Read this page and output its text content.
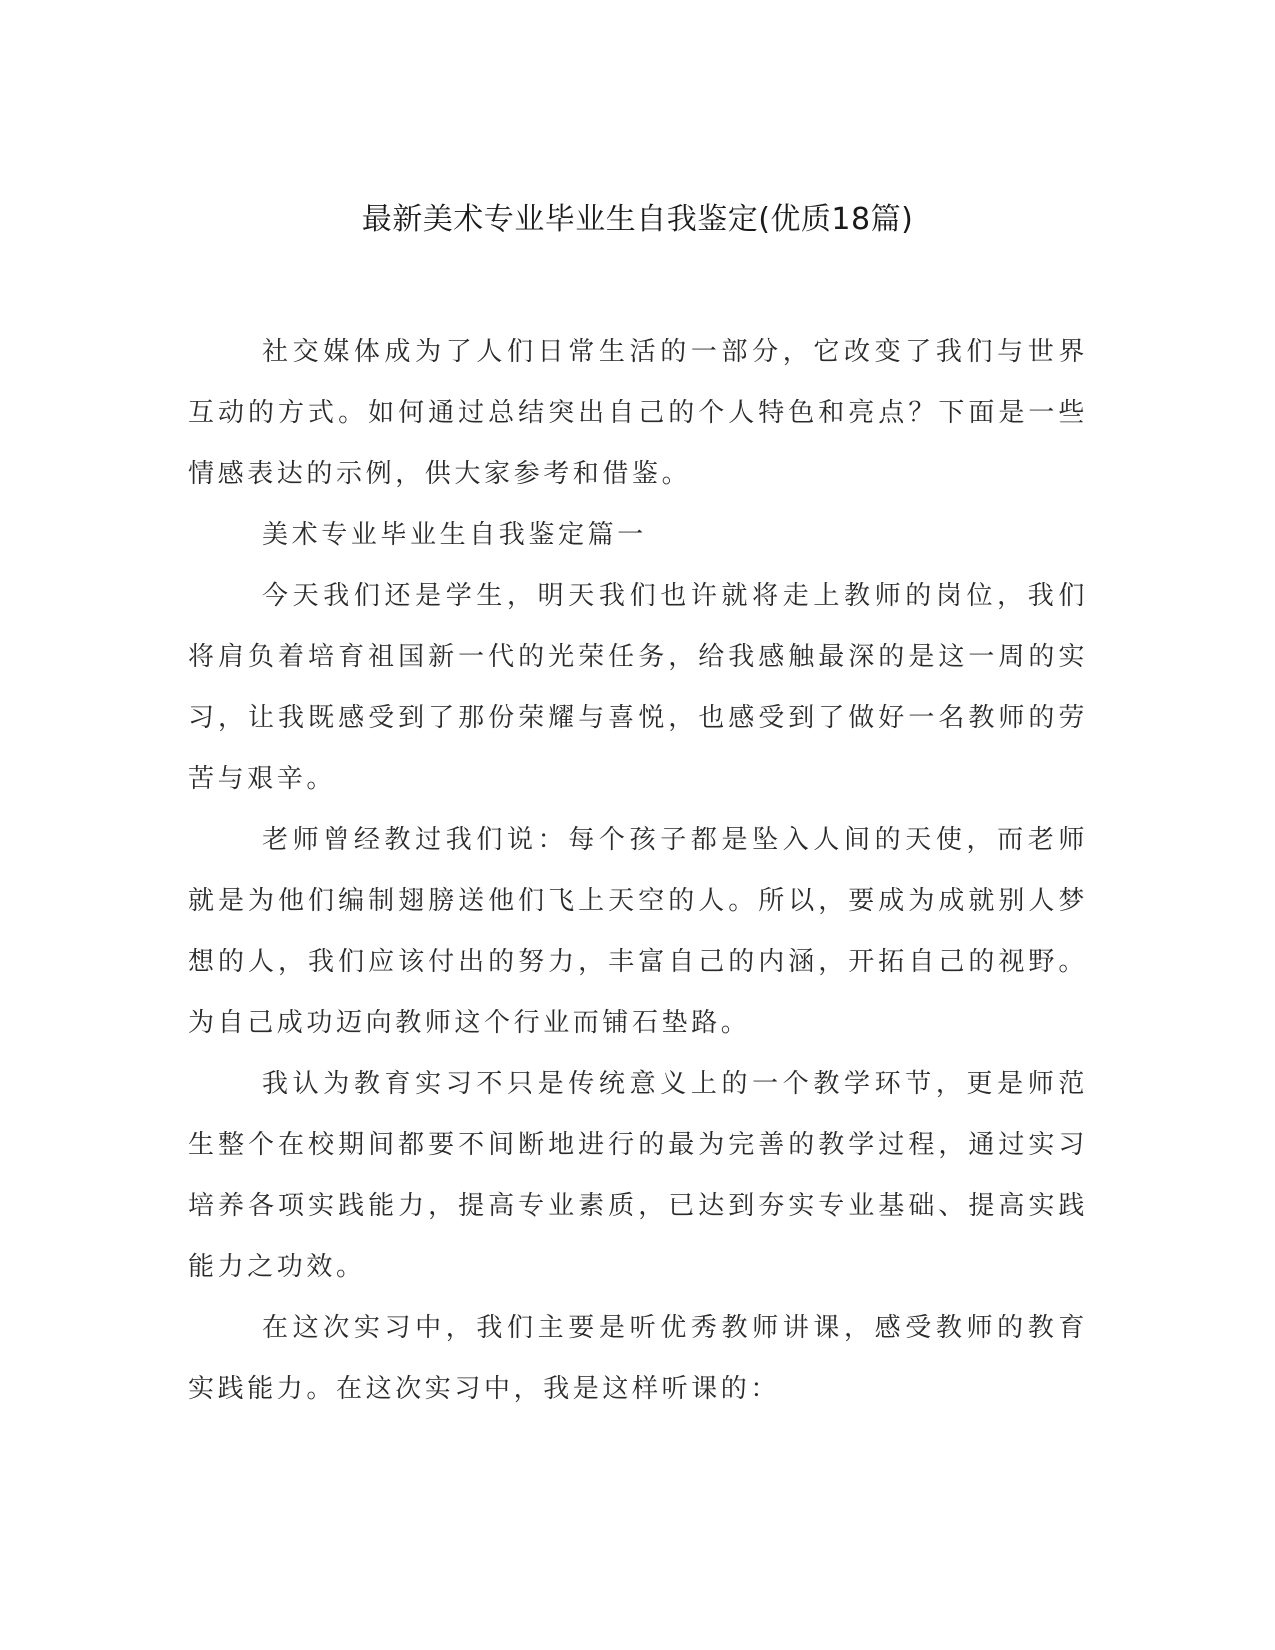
最新美术专业毕业生自我鉴定(优质18篇)

社交媒体成为了人们日常生活的一部分，它改变了我们与世界互动的方式。如何通过总结突出自己的个人特色和亮点？下面是一些情感表达的示例，供大家参考和借鉴。

美术专业毕业生自我鉴定篇一

今天我们还是学生，明天我们也许就将走上教师的岗位，我们将肩负着培育祖国新一代的光荣任务，给我感触最深的是这一周的实习，让我既感受到了那份荣耀与喜悦，也感受到了做好一名教师的劳苦与艰辛。

老师曾经教过我们说：每个孩子都是坠入人间的天使，而老师就是为他们编制翅膀送他们飞上天空的人。所以，要成为成就别人梦想的人，我们应该付出的努力，丰富自己的内涵，开拓自己的视野。为自己成功迈向教师这个行业而铺石垫路。

我认为教育实习不只是传统意义上的一个教学环节，更是师范生整个在校期间都要不间断地进行的最为完善的教学过程，通过实习培养各项实践能力，提高专业素质，已达到夯实专业基础、提高实践能力之功效。

在这次实习中，我们主要是听优秀教师讲课，感受教师的教育实践能力。在这次实习中，我是这样听课的：
